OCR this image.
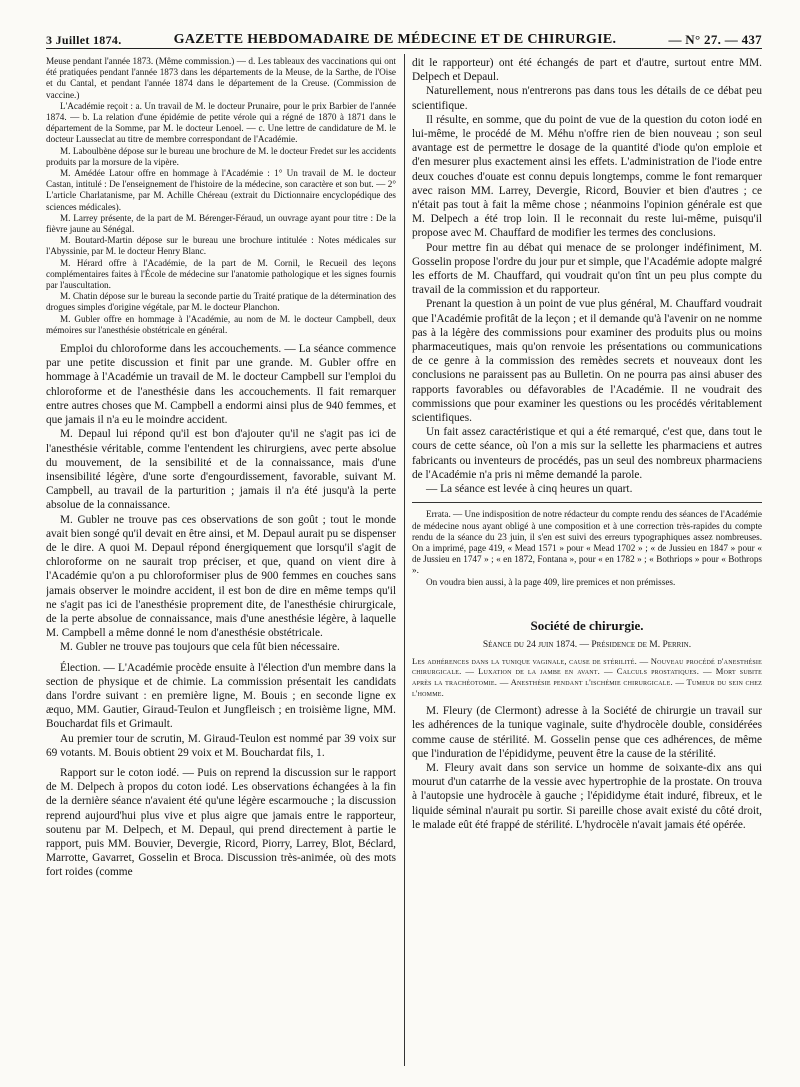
3 Juillet 1874.	GAZETTE HEBDOMADAIRE DE MÉDECINE ET DE CHIRURGIE.	— N° 27. — 437

Meuse pendant l'année 1873. (Même commission.) — d. Les tableaux des vaccinations qui ont été pratiquées pendant l'année 1873 dans les départements de la Meuse, de la Sarthe, de l'Oise et du Cantal, et pendant l'année 1874 dans le département de la Creuse. (Commission de vaccine.)

L'Académie reçoit : a. Un travail de M. le docteur Prunaire, pour le prix Barbier de l'année 1874. — b. La relation d'une épidémie de petite vérole qui a régné de 1870 à 1871 dans le département de la Somme, par M. le docteur Lenoel. — c. Une lettre de candidature de M. le docteur Lausseclat au titre de membre correspondant de l'Académie.

M. Laboulbène dépose sur le bureau une brochure de M. le docteur Fredet sur les accidents produits par la morsure de la vipère.

M. Amédée Latour offre en hommage à l'Académie : 1° Un travail de M. le docteur Castan, intitulé : De l'enseignement de l'histoire de la médecine, son caractère et son but. — 2° L'article Charlatanisme, par M. Achille Chéreau (extrait du Dictionnaire encyclopédique des sciences médicales).

M. Larrey présente, de la part de M. Bérenger-Féraud, un ouvrage ayant pour titre : De la fièvre jaune au Sénégal.

M. Boutard-Martin dépose sur le bureau une brochure intitulée : Notes médicales sur l'Abyssinie, par M. le docteur Henry Blanc.

M. Hérard offre à l'Académie, de la part de M. Cornil, le Recueil des leçons complémentaires faites à l'École de médecine sur l'anatomie pathologique et les signes fournis par l'auscultation.

M. Chatin dépose sur le bureau la seconde partie du Traité pratique de la détermination des drogues simples d'origine végétale, par M. le docteur Planchon.

M. Gubler offre en hommage à l'Académie, au nom de M. le docteur Campbell, deux mémoires sur l'anesthésie obstétricale en général.

Emploi du chloroforme dans les accouchements. — La séance commence par une petite discussion et finit par une grande. M. Gubler offre en hommage à l'Académie un travail de M. le docteur Campbell sur l'emploi du chloroforme et de l'anesthésie dans les accouchements. Il fait remarquer entre autres choses que M. Campbell a endormi ainsi plus de 940 femmes, et que jamais il n'a eu le moindre accident.

M. Depaul lui répond qu'il est bon d'ajouter qu'il ne s'agit pas ici de l'anesthésie véritable, comme l'entendent les chirurgiens, avec perte absolue du mouvement, de la sensibilité et de la connaissance, mais d'une insensibilité légère, d'une sorte d'engourdissement, favorable, suivant M. Campbell, au travail de la parturition ; jamais il n'a été jusqu'à la perte absolue de la connaissance.

M. Gubler ne trouve pas ces observations de son goût ; tout le monde avait bien songé qu'il devait en être ainsi, et M. Depaul aurait pu se dispenser de le dire. A quoi M. Depaul répond énergiquement que lorsqu'il s'agit de chloroforme on ne saurait trop préciser, et que, quand on vient dire à l'Académie qu'on a pu chloroformiser plus de 900 femmes en couches sans jamais observer le moindre accident, il est bon de dire en même temps qu'il ne s'agit pas ici de l'anesthésie proprement dite, de l'anesthésie chirurgicale, de la perte absolue de connaissance, mais d'une anesthésie légère, à laquelle M. Campbell a même donné le nom d'anesthésie obstétricale.

M. Gubler ne trouve pas toujours que cela fût bien nécessaire.

Élection. — L'Académie procède ensuite à l'élection d'un membre dans la section de physique et de chimie. La commission présentait les candidats dans l'ordre suivant : en première ligne, M. Bouis ; en seconde ligne ex æquo, MM. Gautier, Giraud-Teulon et Jungfleisch ; en troisième ligne, MM. Bouchardat fils et Grimault.

Au premier tour de scrutin, M. Giraud-Teulon est nommé par 39 voix sur 69 votants. M. Bouis obtient 29 voix et M. Bouchardat fils, 1.

Rapport sur le coton iodé. — Puis on reprend la discussion sur le rapport de M. Delpech à propos du coton iodé. Les observations échangées à la fin de la dernière séance n'avaient été qu'une légère escarmouche ; la discussion reprend aujourd'hui plus vive et plus aigre que jamais entre le rapporteur, soutenu par M. Delpech, et M. Depaul, qui prend directement à partie le rapport, puis MM. Bouvier, Devergie, Ricord, Piorry, Larrey, Blot, Béclard, Marrotte, Gavarret, Gosselin et Broca. Discussion très-animée, où des mots fort roides (comme

dit le rapporteur) ont été échangés de part et d'autre, surtout entre MM. Delpech et Depaul.

Naturellement, nous n'entrerons pas dans tous les détails de ce débat peu scientifique.

Il résulte, en somme, que du point de vue de la question du coton iodé en lui-même, le procédé de M. Méhu n'offre rien de bien nouveau ; son seul avantage est de permettre le dosage de la quantité d'iode qu'on emploie et d'en mesurer plus exactement ainsi les effets. L'administration de l'iode entre deux couches d'ouate est connu depuis longtemps, comme le font remarquer avec raison MM. Larrey, Devergie, Ricord, Bouvier et bien d'autres ; ce n'était pas tout à fait la même chose ; néanmoins l'opinion générale est que M. Delpech a été trop loin. Il le reconnait du reste lui-même, puisqu'il propose avec M. Chauffard de modifier les termes des conclusions.

Pour mettre fin au débat qui menace de se prolonger indéfiniment, M. Gosselin propose l'ordre du jour pur et simple, que l'Académie adopte malgré les efforts de M. Chauffard, qui voudrait qu'on tînt un peu plus compte du travail de la commission et du rapporteur.

Prenant la question à un point de vue plus général, M. Chauffard voudrait que l'Académie profitât de la leçon ; et il demande qu'à l'avenir on ne nomme pas à la légère des commissions pour examiner des produits plus ou moins pharmaceutiques, mais qu'on renvoie les présentations ou communications de ce genre à la commission des remèdes secrets et nouveaux dont les conclusions ne paraissent pas au Bulletin. On ne pourra pas ainsi abuser des rapports favorables ou défavorables de l'Académie. Il ne voudrait des commissions que pour examiner les questions ou les procédés véritablement scientifiques.

Un fait assez caractéristique et qui a été remarqué, c'est que, dans tout le cours de cette séance, où l'on a mis sur la sellette les pharmaciens et autres fabricants ou inventeurs de procédés, pas un seul des nombreux pharmaciens de l'Académie n'a pris ni même demandé la parole.

— La séance est levée à cinq heures un quart.

Errata. — Une indisposition de notre rédacteur du compte rendu des séances de l'Académie de médecine nous ayant obligé à une composition et à une correction très-rapides du compte rendu de la séance du 23 juin, il s'en est suivi des erreurs typographiques assez nombreuses. On a imprimé, page 419, « Mead 1571 » pour « Mead 1702 » ; « de Jussieu en 1847 » pour « de Jussieu en 1747 » ; « en 1872, Fontana », pour « en 1782 » ; « Bothriops » pour « Bothrops ».

On voudra bien aussi, à la page 409, lire premices et non prémisses.

Société de chirurgie.

Séance du 24 juin 1874. — Présidence de M. Perrin.

Les adhérences dans la tunique vaginale, cause de stérilité. — Nouveau procédé d'anesthésie chirurgicale. — Luxation de la jambe en avant. — Calculs prostatiques. — Mort subite après la trachéotomie. — Anesthésie pendant l'ischémie chirurgicale. — Tumeur du sein chez l'homme.

M. Fleury (de Clermont) adresse à la Société de chirurgie un travail sur les adhérences de la tunique vaginale, suite d'hydrocèle double, considérées comme cause de stérilité. M. Gosselin pense que ces adhérences, de même que l'induration de l'épididyme, peuvent être la cause de la stérilité.

M. Fleury avait dans son service un homme de soixante-dix ans qui mourut d'un catarrhe de la vessie avec hypertrophie de la prostate. On trouva à l'autopsie une hydrocèle à gauche ; l'épididyme était induré, fibreux, et le liquide séminal n'aurait pu sortir. Si pareille chose avait existé du côté droit, le malade eût été frappé de stérilité. L'hydrocèle n'avait jamais été opérée.
